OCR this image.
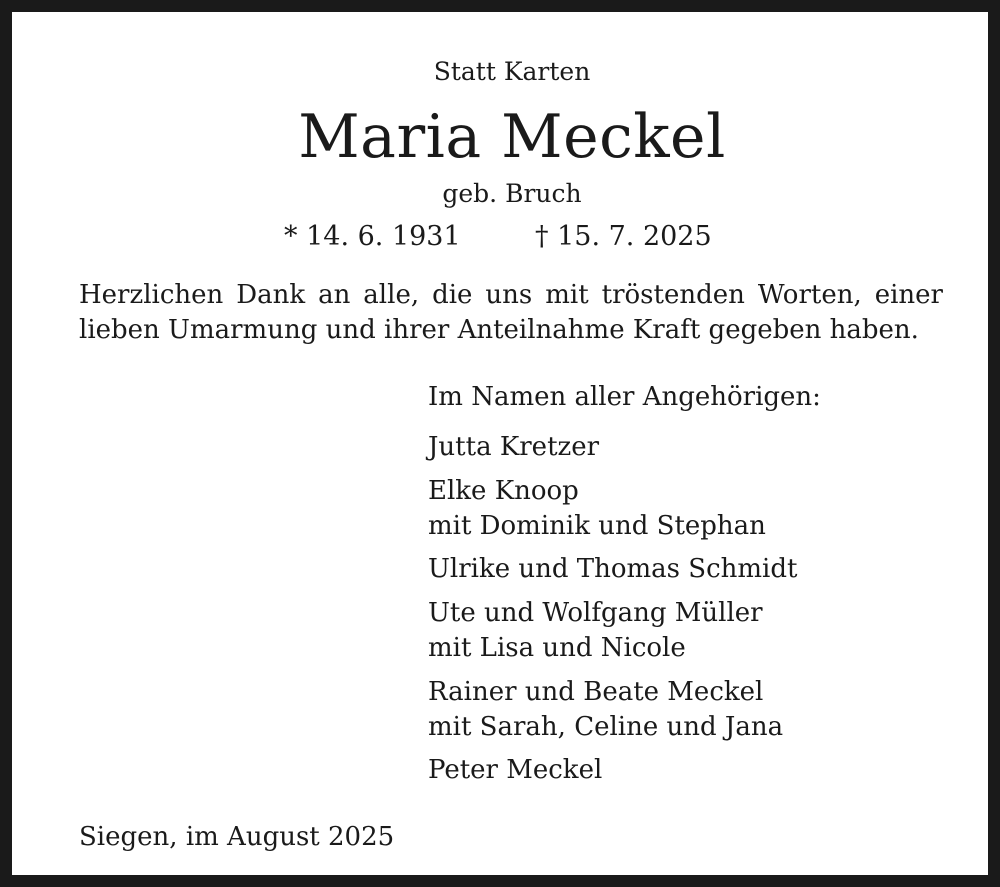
Statt Karten
Maria Meckel
geb. Bruch
* 14. 6. 1931	† 15. 7. 2025

Herzlichen Dank an alle, die uns mit tröstenden Worten, einer lieben Umarmung und ihrer Anteilnahme Kraft gegeben haben.

Im Namen aller Angehörigen:
Jutta Kretzer
Elke Knoop
mit Dominik und Stephan
Ulrike und Thomas Schmidt
Ute und Wolfgang Müller
mit Lisa und Nicole
Rainer und Beate Meckel
mit Sarah, Celine und Jana
Peter Meckel
Siegen, im August 2025
